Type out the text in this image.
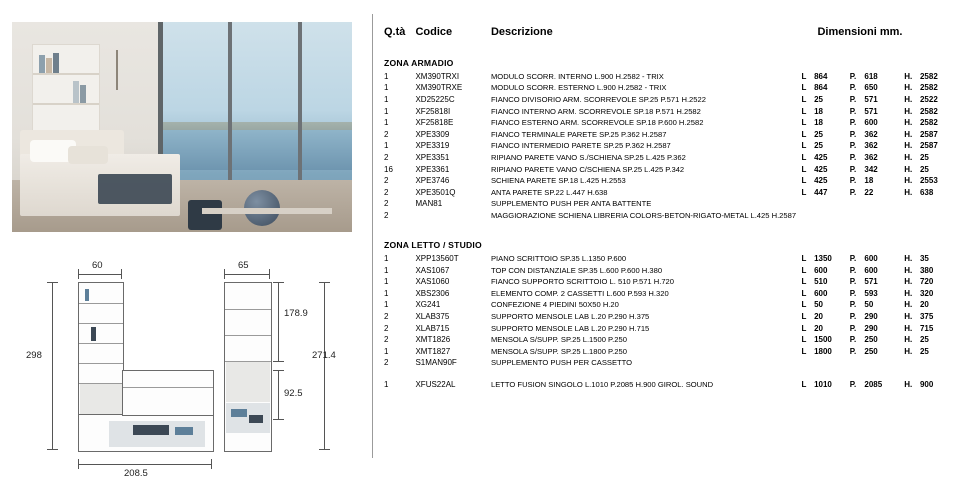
60
298
208.5
65
178.9
271.4
92.5
Q.tà	Codice	Descrizione	Dimensioni mm.					
ZONA ARMADIO								
1	XM390TRXI	MODULO SCORR. INTERNO L.900 H.2582 - TRIX	L	864	P.	618	H.	2582
1	XM390TRXE	MODULO SCORR. ESTERNO L.900 H.2582 - TRIX	L	864	P.	650	H.	2582
1	XD25225C	FIANCO DIVISORIO ARM. SCORREVOLE SP.25 P.571 H.2522	L	25	P.	571	H.	2522
1	XF25818I	FIANCO INTERNO ARM. SCORREVOLE SP.18 P.571 H.2582	L	18	P.	571	H.	2582
1	XF25818E	FIANCO ESTERNO ARM. SCORREVOLE SP.18 P.600 H.2582	L	18	P.	600	H.	2582
2	XPE3309	FIANCO TERMINALE PARETE SP.25 P.362 H.2587	L	25	P.	362	H.	2587
1	XPE3319	FIANCO INTERMEDIO PARETE SP.25 P.362 H.2587	L	25	P.	362	H.	2587
2	XPE3351	RIPIANO PARETE VANO S./SCHIENA SP.25 L.425 P.362	L	425	P.	362	H.	25
16	XPE3361	RIPIANO PARETE VANO C/SCHIENA SP.25 L.425 P.342	L	425	P.	342	H.	25
2	XPE3746	SCHIENA PARETE SP.18 L.425 H.2553	L	425	P.	18	H.	2553
2	XPE3501Q	ANTA PARETE SP.22 L.447 H.638	L	447	P.	22	H.	638
2	MAN81	SUPPLEMENTO PUSH PER ANTA BATTENTE						
2		MAGGIORAZIONE SCHIENA LIBRERIA COLORS-BETON-RIGATO-METAL L.425 H.2587						

ZONA LETTO / STUDIO								
1	XPP13560T	PIANO SCRITTOIO SP.35 L.1350 P.600	L	1350	P.	600	H.	35
1	XAS1067	TOP CON DISTANZIALE SP.35 L.600 P.600 H.380	L	600	P.	600	H.	380
1	XAS1060	FIANCO SUPPORTO SCRITTOIO L. 510 P.571 H.720	L	510	P.	571	H.	720
1	XBS2306	ELEMENTO COMP. 2 CASSETTI L.600 P.593 H.320	L	600	P.	593	H.	320
1	XG241	CONFEZIONE 4 PIEDINI 50X50 H.20	L	50	P.	50	H.	20
2	XLAB375	SUPPORTO MENSOLE LAB L.20 P.290 H.375	L	20	P.	290	H.	375
2	XLAB715	SUPPORTO MENSOLE LAB L.20 P.290 H.715	L	20	P.	290	H.	715
2	XMT1826	MENSOLA S/SUPP. SP.25 L.1500 P.250	L	1500	P.	250	H.	25
1	XMT1827	MENSOLA S/SUPP. SP.25 L.1800 P.250	L	1800	P.	250	H.	25
2	S1MAN90F	SUPPLEMENTO PUSH PER CASSETTO						

1	XFUS22AL	LETTO FUSION SINGOLO L.1010 P.2085 H.900 GIROL. SOUND	L	1010	P.	2085	H.	900
